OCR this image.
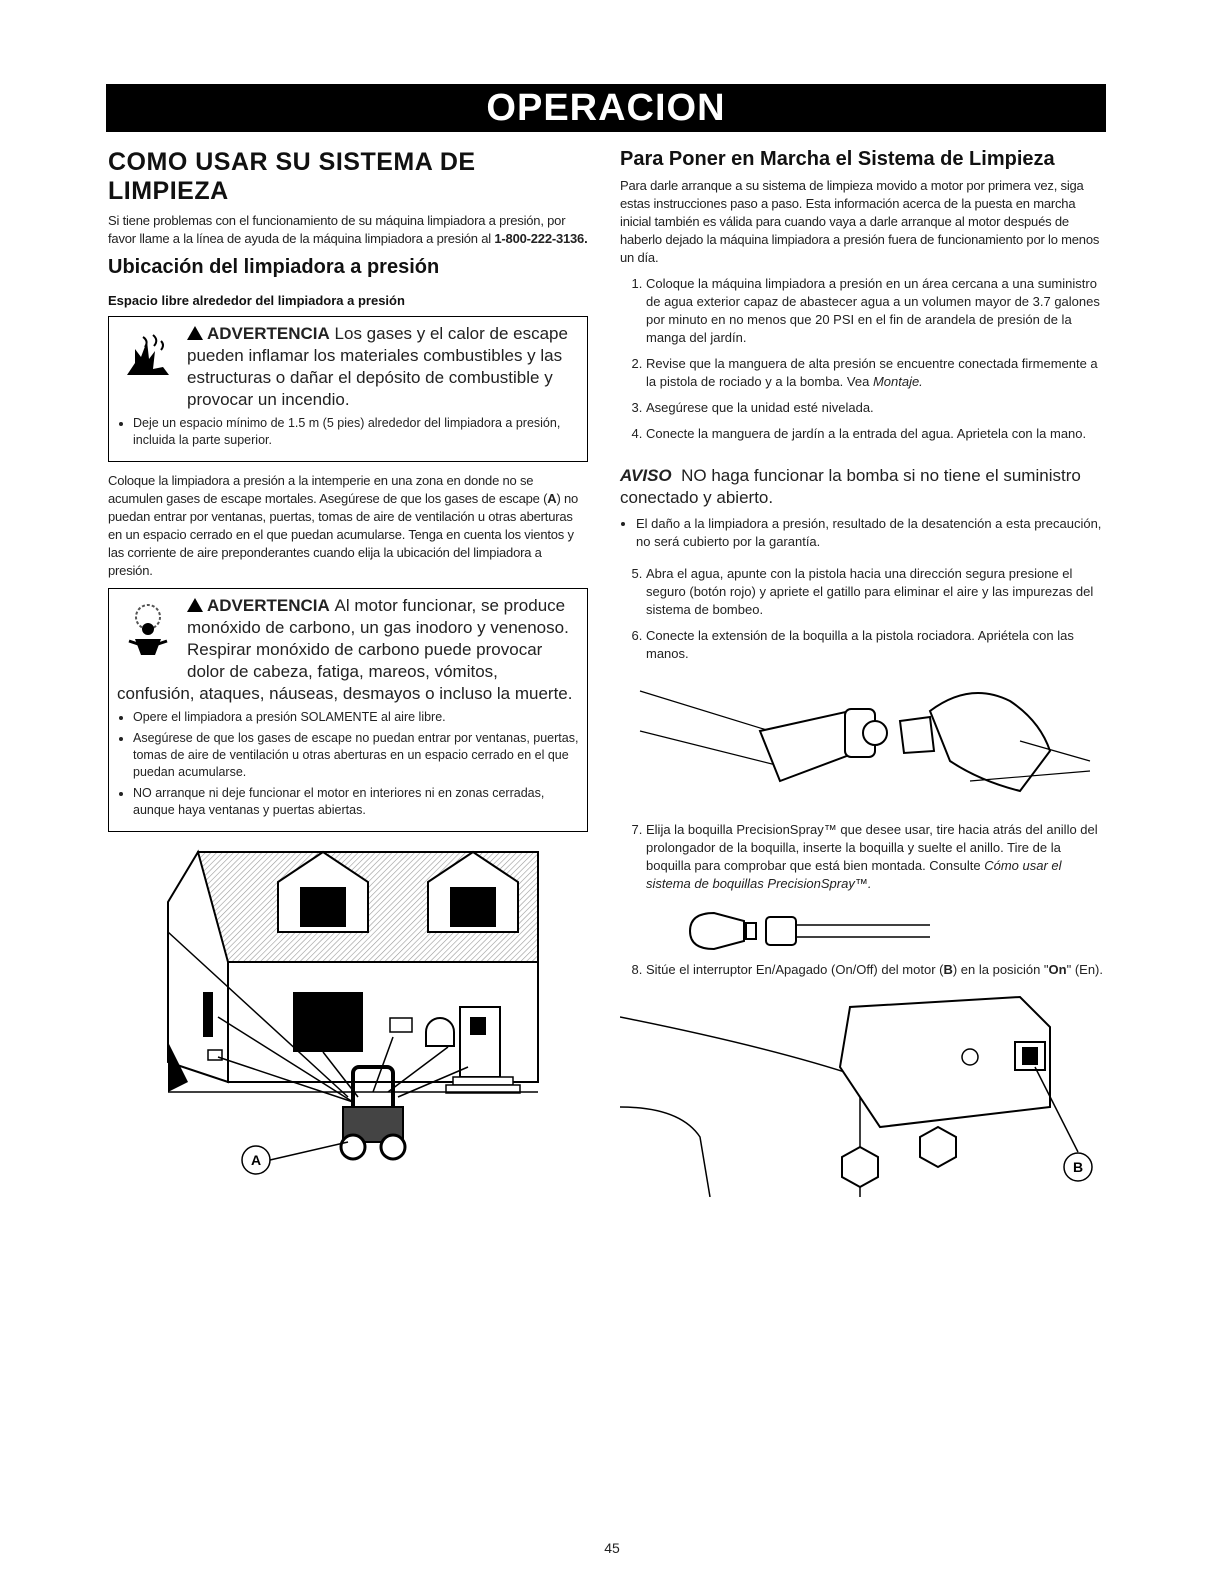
OPERACION
COMO USAR SU SISTEMA DE LIMPIEZA

Si tiene problemas con el funcionamiento de su máquina limpiadora a presión, por favor llame a la línea de ayuda de la máquina limpiadora a presión al 1-800-222-3136.

Ubicación del limpiadora a presión
Espacio libre alrededor del limpiadora a presión
ADVERTENCIA Los gases y el calor de escape pueden inflamar los materiales combustibles y las estructuras o dañar el depósito de combustible y provocar un incendio.
• Deje un espacio mínimo de 1.5 m (5 pies) alrededor del limpiadora a presión, incluida la parte superior.

Coloque la limpiadora a presión a la intemperie en una zona en donde no se acumulen gases de escape mortales. Asegúrese de que los gases de escape (A) no puedan entrar por ventanas, puertas, tomas de aire de ventilación u otras aberturas en un espacio cerrado en el que puedan acumularse. Tenga en cuenta los vientos y las corriente de aire preponderantes cuando elija la ubicación del limpiadora a presión.

ADVERTENCIA Al motor funcionar, se produce monóxido de carbono, un gas inodoro y venenoso. Respirar monóxido de carbono puede provocar dolor de cabeza, fatiga, mareos, vómitos, confusión, ataques, náuseas, desmayos o incluso la muerte.
• Opere el limpiadora a presión SOLAMENTE al aire libre.
• Asegúrese de que los gases de escape no puedan entrar por ventanas, puertas, tomas de aire de ventilación u otras aberturas en un espacio cerrado en el que puedan acumularse.
• NO arranque ni deje funcionar el motor en interiores ni en zonas cerradas, aunque haya ventanas y puertas abiertas.
A
Para Poner en Marcha el Sistema de Limpieza

Para darle arranque a su sistema de limpieza movido a motor por primera vez, siga estas instrucciones paso a paso. Esta información acerca de la puesta en marcha inicial también es válida para cuando vaya a darle arranque al motor después de haberlo dejado la máquina limpiadora a presión fuera de funcionamiento por lo menos un día.

1. Coloque la máquina limpiadora a presión en un área cercana a una suministro de agua exterior capaz de abastecer agua a un volumen mayor de 3.7 galones por minuto en no menos que 20 PSI en el fin de arandela de presión de la manga del jardín.
2. Revise que la manguera de alta presión se encuentre conectada firmemente a la pistola de rociado y a la bomba. Vea Montaje.
3. Asegúrese que la unidad esté nivelada.
4. Conecte la manguera de jardín a la entrada del agua. Aprietela con la mano.
AVISO NO haga funcionar la bomba si no tiene el suministro conectado y abierto.
• El daño a la limpiadora a presión, resultado de la desatención a esta precaución, no será cubierto por la garantía.
5. Abra el agua, apunte con la pistola hacia una dirección segura presione el seguro (botón rojo) y apriete el gatillo para eliminar el aire y las impurezas del sistema de bombeo.
6. Conecte la extensión de la boquilla a la pistola rociadora. Apriételа con las manos.
7. Elija la boquilla PrecisionSpray™ que desee usar, tire hacia atrás del anillo del prolongador de la boquilla, inserte la boquilla y suelte el anillo. Tire de la boquilla para comprobar que está bien montada. Consulte Cómo usar el sistema de boquillas PrecisionSpray™.
8. Sitúe el interruptor En/Apagado (On/Off) del motor (B) en la posición "On" (En).
B
45
